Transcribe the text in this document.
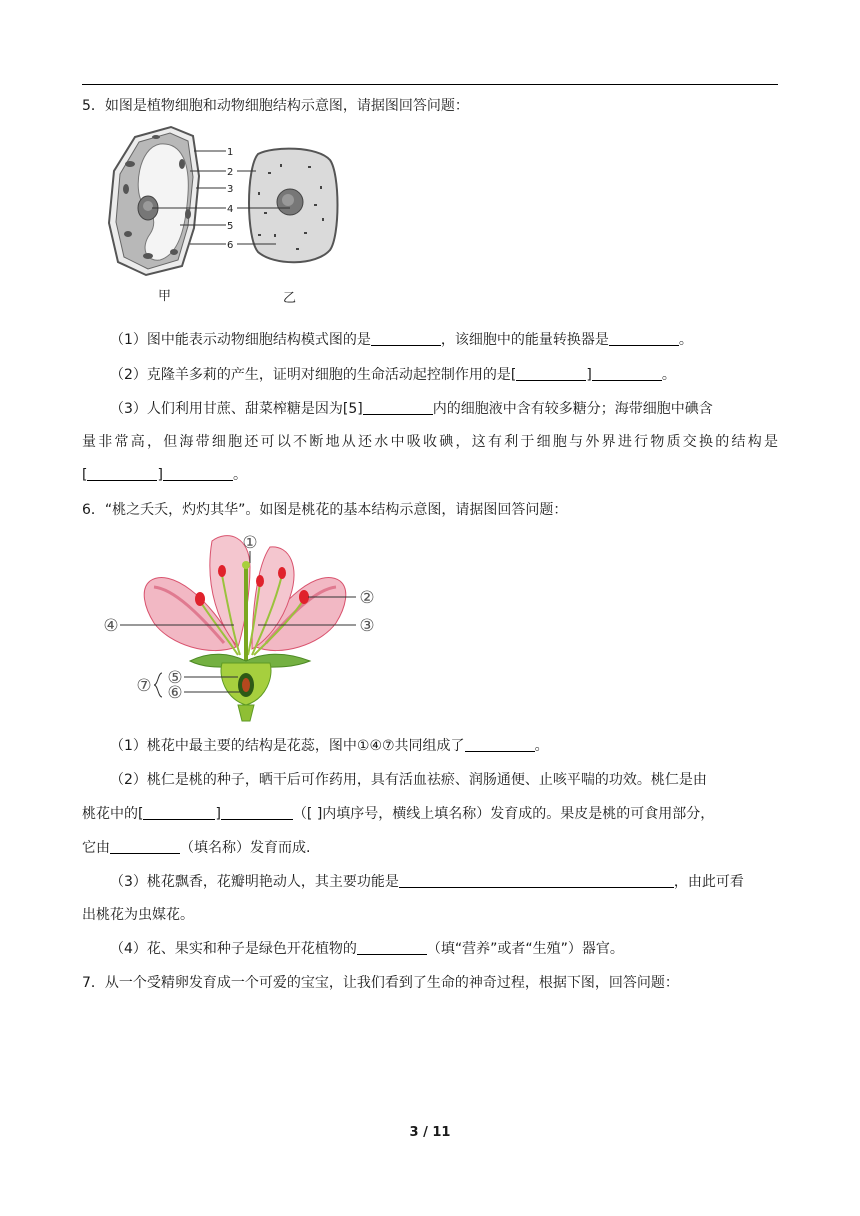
5．如图是植物细胞和动物细胞结构示意图，请据图回答问题：
1
2
3
4
5
6
甲	乙
（1）图中能表示动物细胞结构模式图的是	，该细胞中的能量转换器是	。
（2）克隆羊多莉的产生，证明对细胞的生命活动起控制作用的是[	]	。
（3）人们利用甘蔗、甜菜榨糖是因为[5]	内的细胞液中含有较多糖分；海带细胞中碘含
量非常高，但海带细胞还可以不断地从还水中吸收碘，这有利于细胞与外界进行物质交换的结构是
[	]	。
6．“桃之夭夭，灼灼其华”。如图是桃花的基本结构示意图，请据图回答问题：
①
②
③
④
⑤
⑥
⑦
（1）桃花中最主要的结构是花蕊，图中①④⑦共同组成了	。
（2）桃仁是桃的种子，晒干后可作药用，具有活血祛瘀、润肠通便、止咳平喘的功效。桃仁是由
桃花中的[	]	（[ ]内填序号，横线上填名称）发育成的。果皮是桃的可食用部分，
它由	（填名称）发育而成.
（3）桃花飘香，花瓣明艳动人，其主要功能是	，由此可看
出桃花为虫媒花。
（4）花、果实和种子是绿色开花植物的	（填“营养”或者“生殖”）器官。
7．从一个受精卵发育成一个可爱的宝宝，让我们看到了生命的神奇过程，根据下图，回答问题：
3 / 11
